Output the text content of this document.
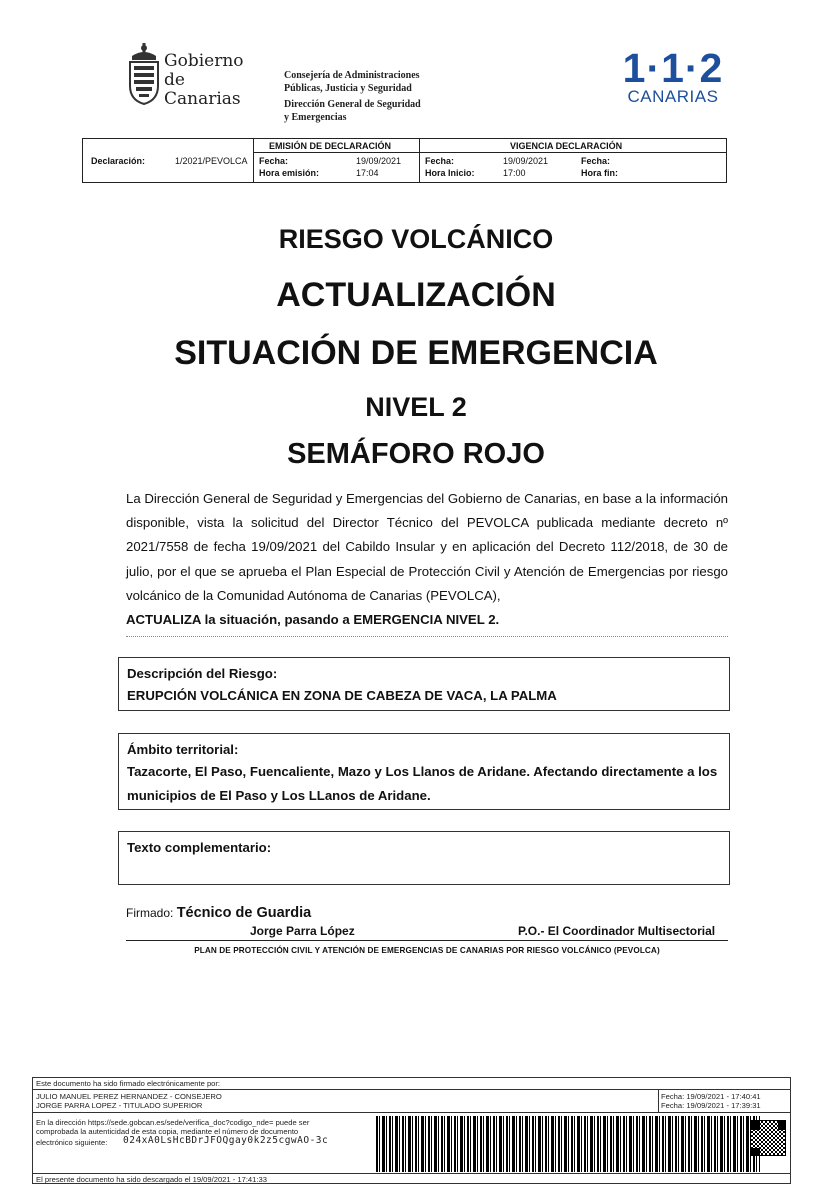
Gobierno
de Canarias
Consejería de Administraciones
Públicas, Justicia y Seguridad
Dirección General de Seguridad
y Emergencias
1·1·2
CANARIAS
Declaración:	1/2021/PEVOLCA
EMISIÓN DE DECLARACIÓN
Fecha:	19/09/2021
Hora emisión:	17:04
VIGENCIA DECLARACIÓN
Fecha:	19/09/2021
Hora Inicio:	17:00
Fecha:
Hora fin:
RIESGO VOLCÁNICO
ACTUALIZACIÓN
SITUACIÓN DE EMERGENCIA
NIVEL 2
SEMÁFORO ROJO
La Dirección General de Seguridad y Emergencias del Gobierno de Canarias, en base a la información disponible, vista la solicitud del Director Técnico del PEVOLCA publicada mediante decreto nº 2021/7558 de fecha 19/09/2021 del Cabildo Insular y en aplicación del Decreto 112/2018, de 30 de julio, por el que se aprueba el Plan Especial de Protección Civil y Atención de Emergencias por riesgo volcánico de la Comunidad Autónoma de Canarias (PEVOLCA),
ACTUALIZA la situación, pasando a EMERGENCIA NIVEL 2.
Descripción del Riesgo:
ERUPCIÓN VOLCÁNICA EN ZONA DE CABEZA DE VACA, LA PALMA
Ámbito territorial:
Tazacorte, El Paso, Fuencaliente, Mazo y Los Llanos de Aridane. Afectando directamente a los municipios de El Paso y Los LLanos de Aridane.
Texto complementario:
Firmado: Técnico de Guardia
Jorge Parra López	P.O.- El Coordinador Multisectorial
PLAN DE PROTECCIÓN CIVIL Y ATENCIÓN DE EMERGENCIAS DE CANARIAS POR RIESGO VOLCÁNICO (PEVOLCA)
Este documento ha sido firmado electrónicamente por:
JULIO MANUEL PEREZ HERNANDEZ - CONSEJERO
JORGE PARRA LOPEZ - TITULADO SUPERIOR
Fecha: 19/09/2021 - 17:40:41
Fecha: 19/09/2021 - 17:39:31
En la dirección https://sede.gobcan.es/sede/verifica_doc?codigo_nde= puede ser
comprobada la autenticidad de esta copia, mediante el número de documento
electrónico siguiente: 024xA0LsHcBDrJFOQgay0k2z5cgwAO-3c
El presente documento ha sido descargado el 19/09/2021 - 17:41:33
